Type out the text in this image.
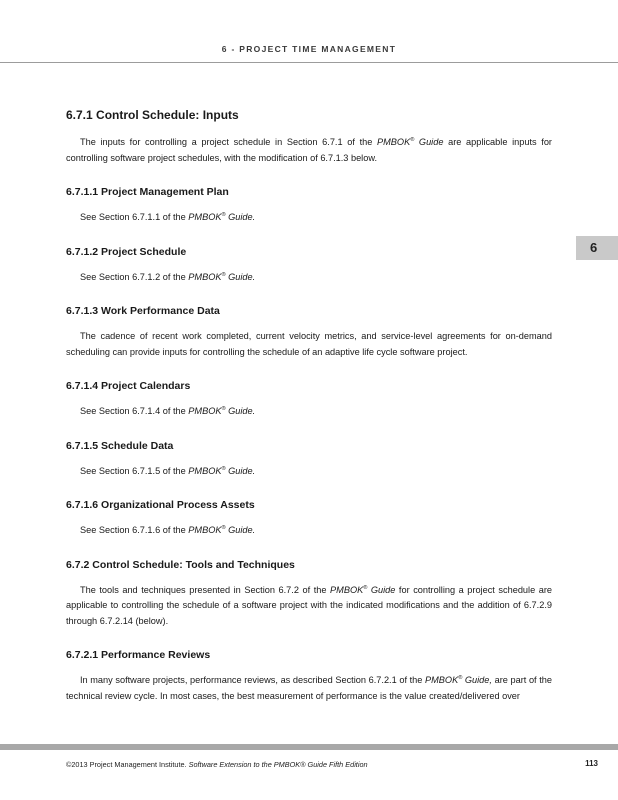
6 - PROJECT TIME MANAGEMENT
6
6.7.1 Control Schedule: Inputs

The inputs for controlling a project schedule in Section 6.7.1 of the PMBOK® Guide are applicable inputs for controlling software project schedules, with the modification of 6.7.1.3 below.

6.7.1.1 Project Management Plan

See Section 6.7.1.1 of the PMBOK® Guide.

6.7.1.2 Project Schedule

See Section 6.7.1.2 of the PMBOK® Guide.

6.7.1.3 Work Performance Data

The cadence of recent work completed, current velocity metrics, and service-level agreements for on-demand scheduling can provide inputs for controlling the schedule of an adaptive life cycle software project.

6.7.1.4 Project Calendars

See Section 6.7.1.4 of the PMBOK® Guide.

6.7.1.5 Schedule Data

See Section 6.7.1.5 of the PMBOK® Guide.

6.7.1.6 Organizational Process Assets

See Section 6.7.1.6 of the PMBOK® Guide.

6.7.2 Control Schedule: Tools and Techniques

The tools and techniques presented in Section 6.7.2 of the PMBOK® Guide for controlling a project schedule are applicable to controlling the schedule of a software project with the indicated modifications and the addition of 6.7.2.9 through 6.7.2.14 (below).

6.7.2.1 Performance Reviews

In many software projects, performance reviews, as described Section 6.7.2.1 of the PMBOK® Guide, are part of the technical review cycle. In most cases, the best measurement of performance is the value created/delivered over

©2013 Project Management Institute. Software Extension to the PMBOK® Guide Fifth Edition	113
